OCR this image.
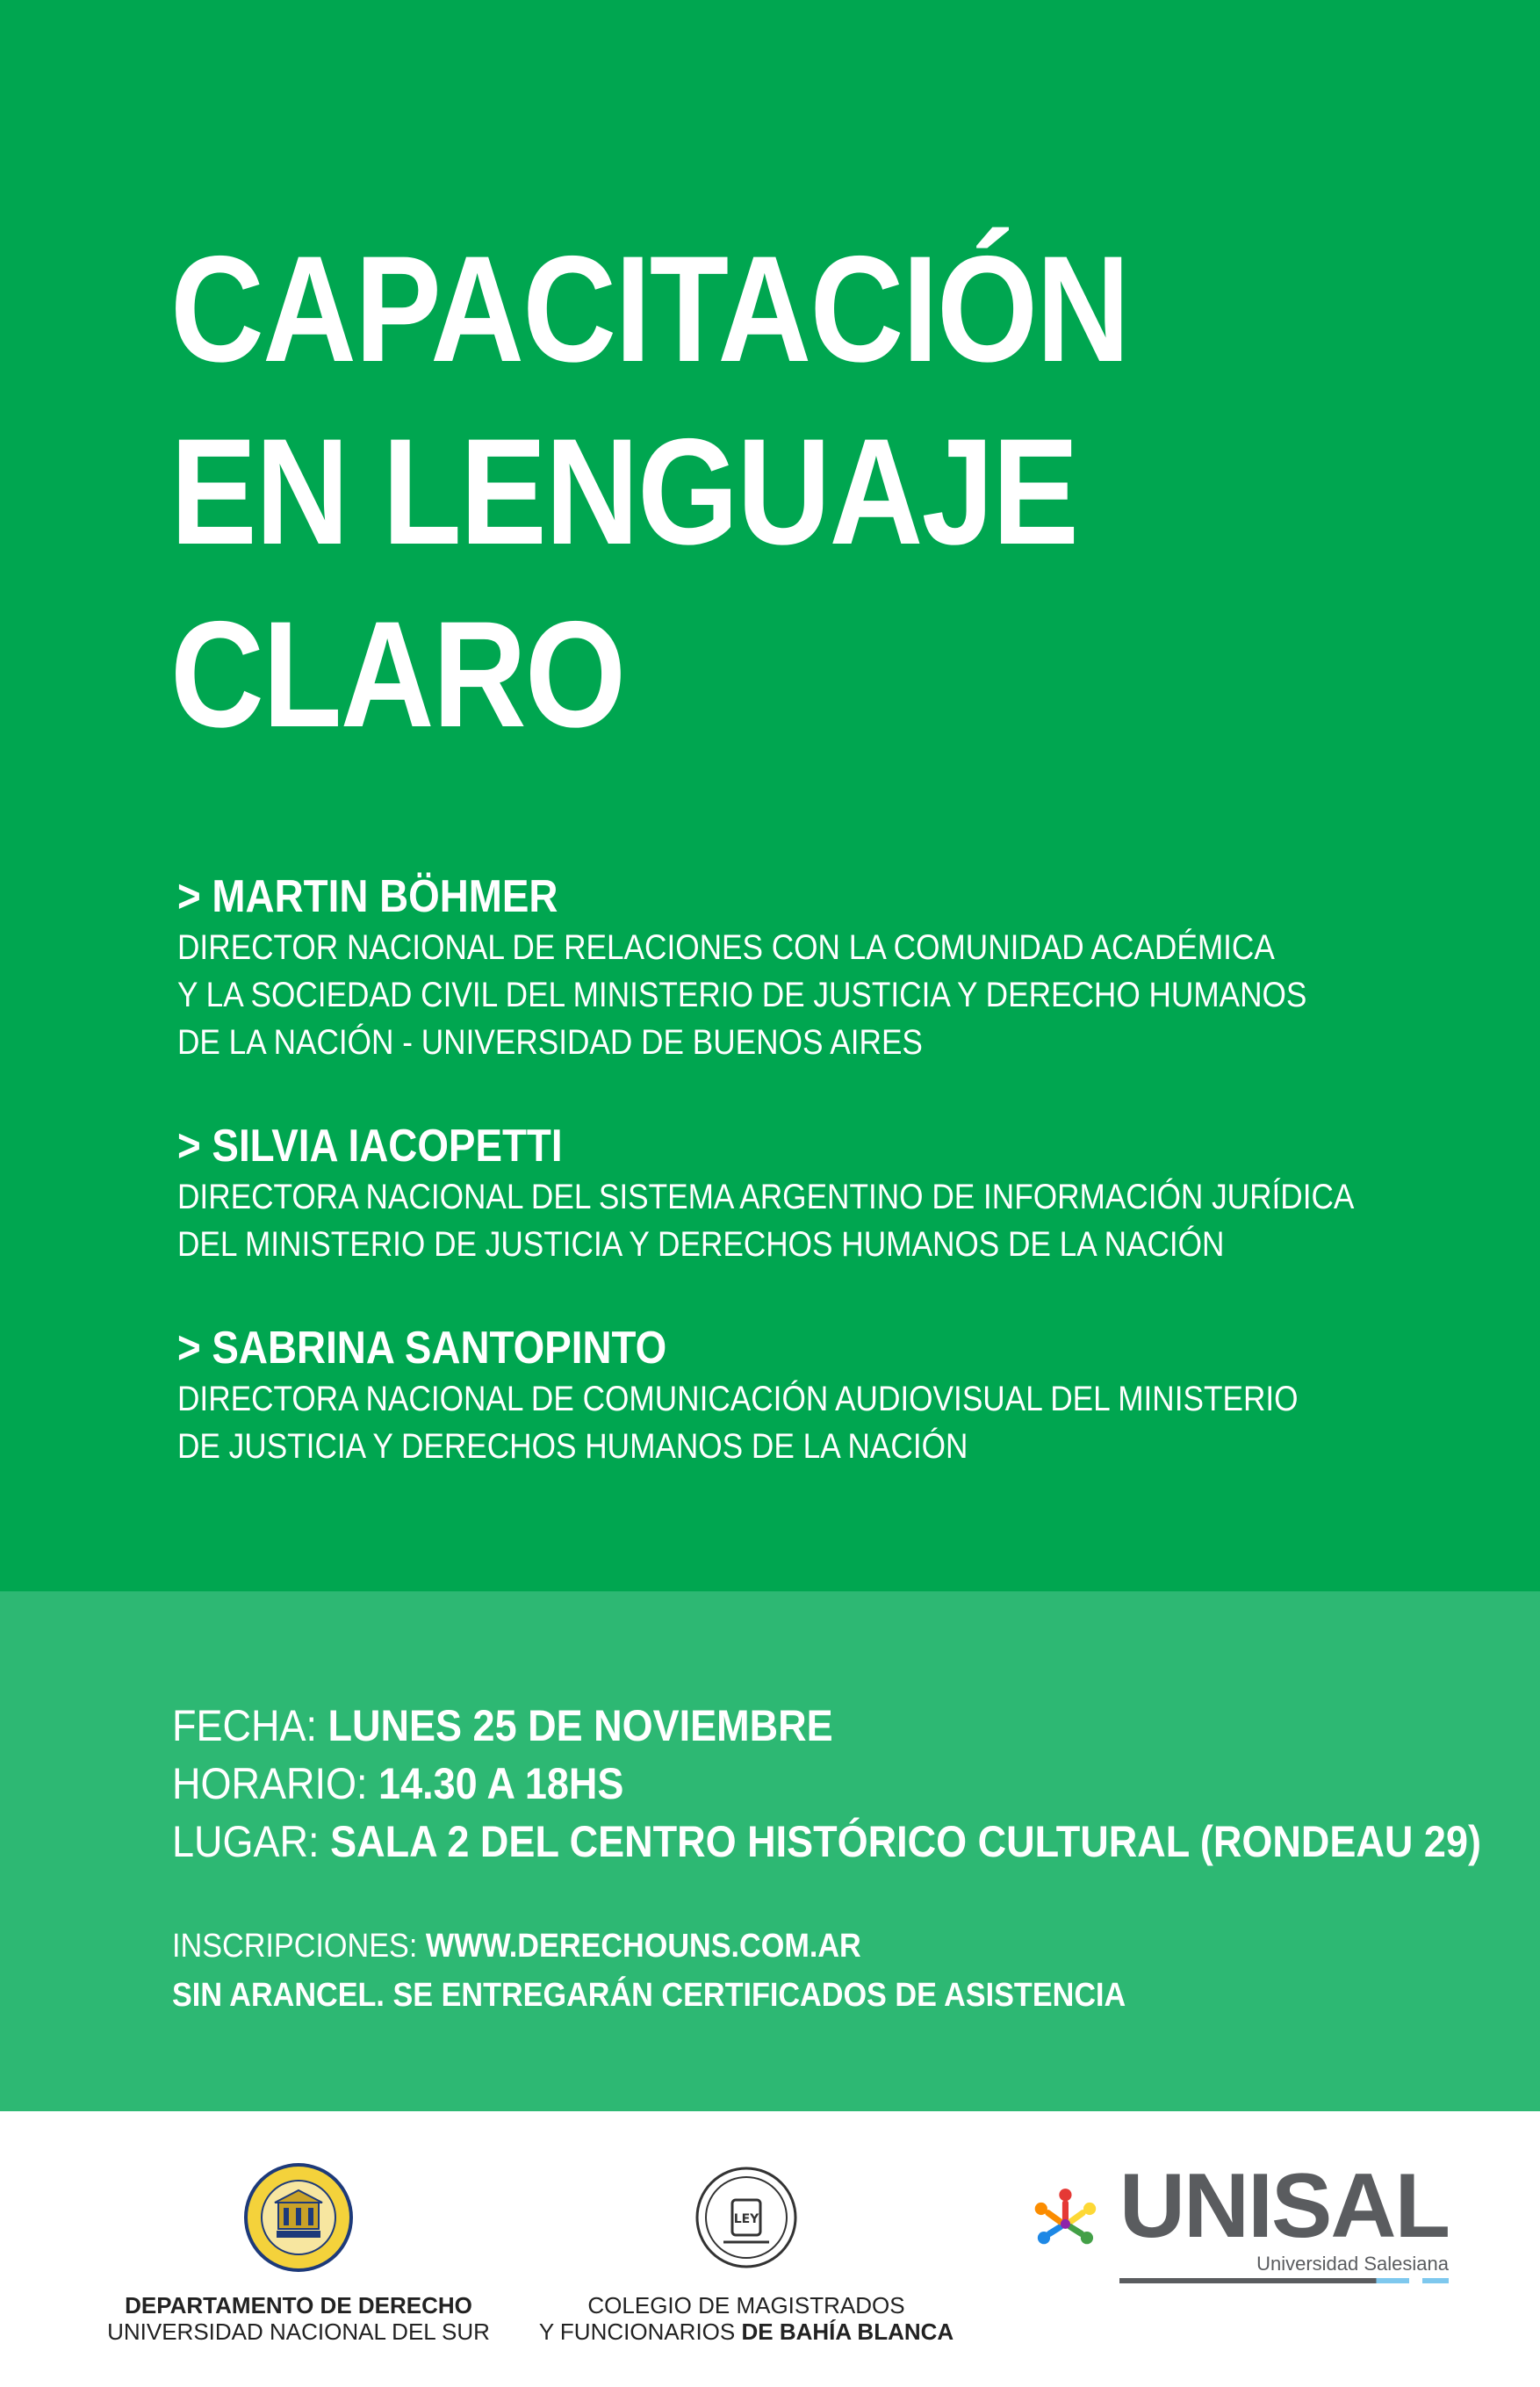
CAPACITACIÓN
EN LENGUAJE
CLARO
> MARTIN BÖHMER
DIRECTOR NACIONAL DE RELACIONES CON LA COMUNIDAD ACADÉMICA
Y LA SOCIEDAD CIVIL DEL MINISTERIO DE JUSTICIA Y DERECHO HUMANOS
DE LA NACIÓN - UNIVERSIDAD DE BUENOS AIRES
> SILVIA IACOPETTI
DIRECTORA NACIONAL DEL SISTEMA ARGENTINO DE INFORMACIÓN JURÍDICA
DEL MINISTERIO DE JUSTICIA Y DERECHOS HUMANOS DE LA NACIÓN
> SABRINA SANTOPINTO
DIRECTORA NACIONAL DE COMUNICACIÓN AUDIOVISUAL DEL MINISTERIO
DE JUSTICIA Y DERECHOS HUMANOS DE LA NACIÓN
FECHA: LUNES 25 DE NOVIEMBRE
HORARIO: 14.30 A 18HS
LUGAR: SALA 2 DEL CENTRO HISTÓRICO CULTURAL (RONDEAU 29)
INSCRIPCIONES: WWW.DERECHOUNS.COM.AR
SIN ARANCEL. SE ENTREGARÁN CERTIFICADOS DE ASISTENCIA
DEPARTAMENTO DE DERECHO
UNIVERSIDAD NACIONAL DEL SUR
LEY
COLEGIO DE MAGISTRADOS
Y FUNCIONARIOS DE BAHÍA BLANCA
UNISAL
Universidad Salesiana
